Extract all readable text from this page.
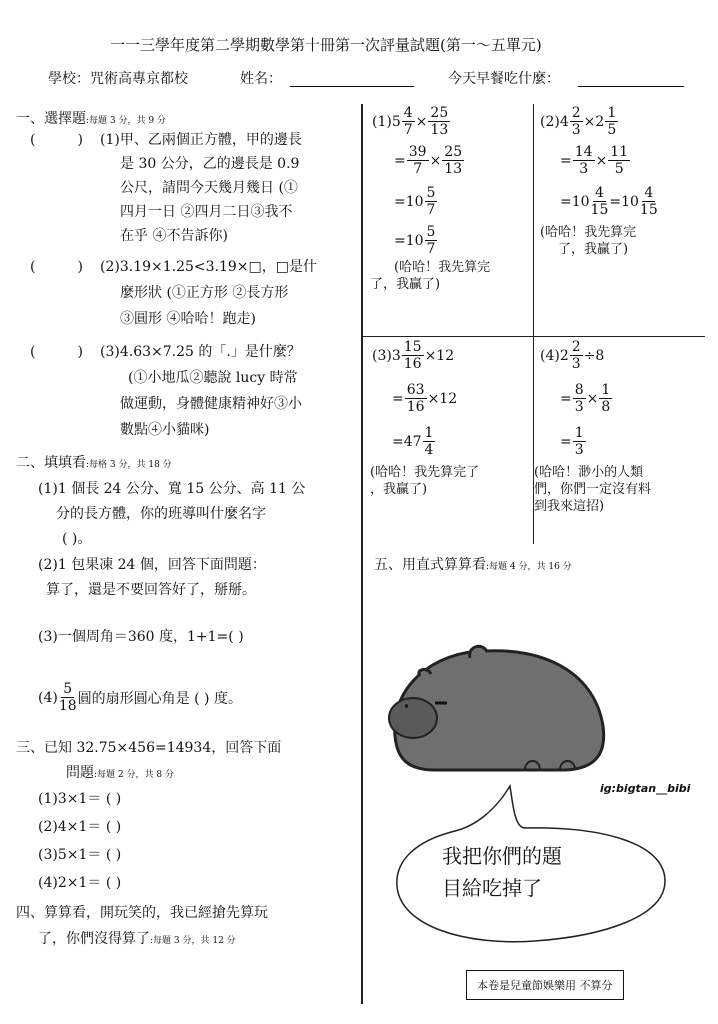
一一三學年度第二學期數學第十冊第一次評量試題(第一～五單元)
學校：咒術高專京都校	姓名：	今天早餐吃什麼：
一、選擇題:每題 3 分，共 9 分
(	) (1)甲、乙兩個正方體，甲的邊長
是 30 公分，乙的邊長是 0.9
公尺，請問今天幾月幾日 (①
四月一日 ②四月二日③我不
在乎 ④不告訴你)
(	) (2)3.19×1.25<3.19×□，□是什
麼形狀 (①正方形 ②長方形
③圓形 ④哈哈！跑走)
(	) (3)4.63×7.25 的「.」是什麼？
(①小地瓜②聽說 lucy 時常
做運動，身體健康精神好③小
數點④小貓咪)
二、填填看:每格 3 分，共 18 分
(1)1 個長 24 公分、寬 15 公分、高 11 公
分的長方體，你的班導叫什麼名字
( )。
(2)1 包果凍 24 個，回答下面問題：
算了，還是不要回答好了，掰掰。
(3)一個周角＝360 度，1+1=( )
$(4) \frac{5}{18}$ 圓的扇形圓心角是 ( ) 度。
三、已知 32.75×456=14934，回答下面
問題:每題 2 分，共 8 分
(1)3×1＝ ( )
(2)4×1＝ ( )
(3)5×1＝ ( )
(4)2×1＝ ( )
四、算算看，開玩笑的，我已經搶先算玩
了，你們沒得算了:每題 3 分，共 12 分
$(1)5 \frac{4}{7} \times \frac{25}{13}$
= $\frac{39}{7} \times \frac{25}{13}$
$=10 \frac{5}{7}$
$=10 \frac{5}{7}$
(哈哈！我先算完
了，我贏了)
$(2)4 \frac{2}{3} \times 2 \frac{1}{5}$
= $\frac{14}{3} \times \frac{11}{5}$
$=10 \frac{4}{15} =10 \frac{4}{15}$
(哈哈！我先算完
了，我贏了)
$(3)3 \frac{15}{16} \times 12$
= $\frac{63}{16} \times 12$
$=47 \frac{1}{4}$
(哈哈！我先算完了
，我贏了)
$(4)2 \frac{2}{3} \div 8$
= $\frac{8}{3} \times \frac{1}{8}$
= $\frac{1}{3}$
(哈哈！渺小的人類
們，你們一定沒有料
到我來這招)
五、用直式算算看:每題 4 分，共 16 分
ig:bigtan__bibi
我把你們的題
目給吃掉了
本卷是兒童節娛樂用 不算分
